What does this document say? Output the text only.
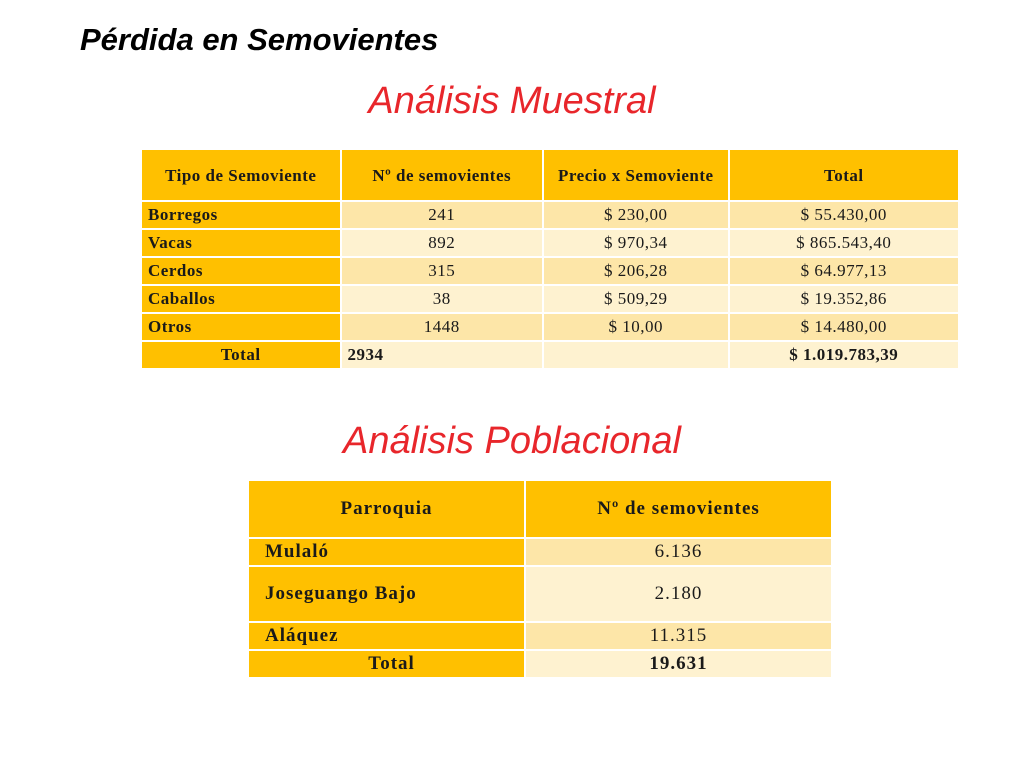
Pérdida en Semovientes
Análisis Muestral
Tipo de Semoviente	Nº de semovientes	Precio x Semoviente	Total
Borregos	241	$ 230,00	$ 55.430,00
Vacas	892	$ 970,34	$ 865.543,40
Cerdos	315	$ 206,28	$ 64.977,13
Caballos	38	$ 509,29	$ 19.352,86
Otros	1448	$ 10,00	$ 14.480,00
Total	2934		$ 1.019.783,39
Análisis Poblacional
Parroquia	Nº de semovientes
Mulaló	6.136
Joseguango Bajo	2.180
Aláquez	11.315
Total	19.631
